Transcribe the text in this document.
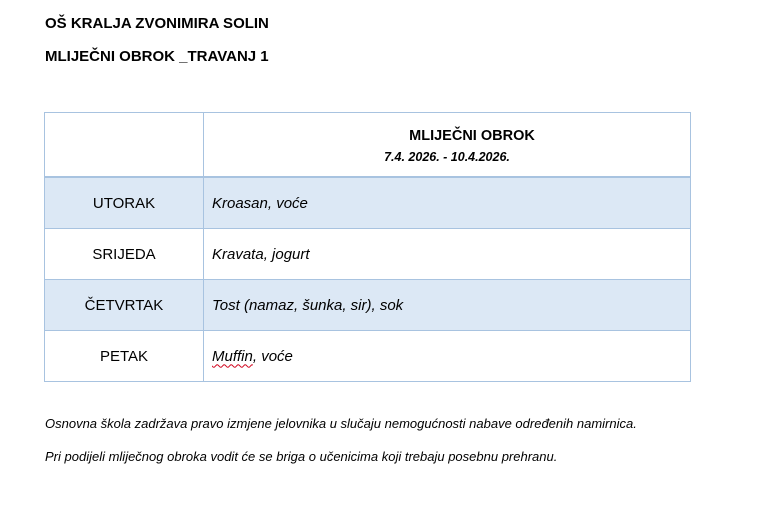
OŠ KRALJA ZVONIMIRA SOLIN

MLIJEČNI OBROK _TRAVANJ 1

	MLIJEČNI OBROK
7.4. 2026. - 10.4.2026.

UTORAK	Kroasan, voće
SRIJEDA	Kravata, jogurt
ČETVRTAK	Tost (namaz, šunka, sir), sok
PETAK	Muffin, voće

Osnovna škola zadržava pravo izmjene jelovnika u slučaju nemogućnosti nabave određenih namirnica.

Pri podijeli mliječnog obroka vodit će se briga o učenicima koji trebaju posebnu prehranu.
